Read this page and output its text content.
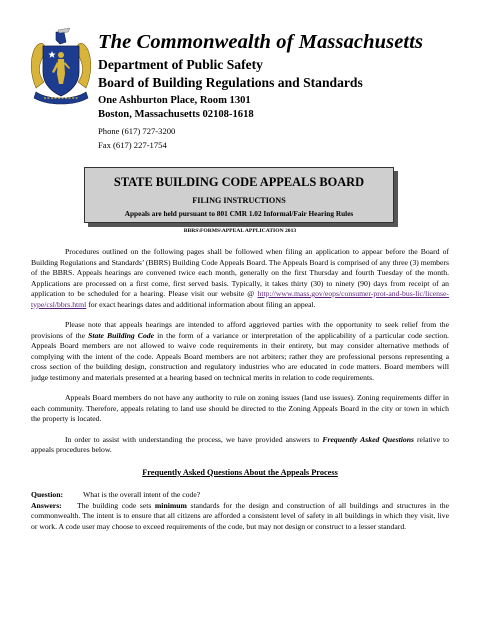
The Commonwealth of Massachusetts
Department of Public Safety
Board of Building Regulations and Standards
One Ashburton Place, Room 1301
Boston, Massachusetts 02108-1618
Phone (617) 727-3200
Fax (617) 227-1754
STATE BUILDING CODE APPEALS BOARD
FILING INSTRUCTIONS
Appeals are held pursuant to 801 CMR 1.02 Informal/Fair Hearing Rules
BBRS\FORMS\APPEAL APPLICATION 2013

Procedures outlined on the following pages shall be followed when filing an application to appear before the Board of Building Regulations and Standards’ (BBRS) Building Code Appeals Board. The Appeals Board is comprised of any three (3) members of the BBRS. Appeals hearings are convened twice each month, generally on the first Thursday and fourth Tuesday of the month. Applications are processed on a first come, first served basis. Typically, it takes thirty (30) to ninety (90) days from receipt of an application to be scheduled for a hearing. Please visit our website @ http://www.mass.gov/eops/consumer-prot-and-bus-lic/license-type/csl/bbrs.html for exact hearings dates and additional information about filing an appeal.

Please note that appeals hearings are intended to afford aggrieved parties with the opportunity to seek relief from the provisions of the State Building Code in the form of a variance or interpretation of the applicability of a particular code section. Appeals Board members are not allowed to waive code requirements in their entirety, but may consider alternative methods of complying with the intent of the code. Appeals Board members are not arbiters; rather they are professional persons representing a cross section of the building design, construction and regulatory industries who are educated in code matters. Board members will judge testimony and materials presented at a hearing based on technical merits in relation to code requirements.

Appeals Board members do not have any authority to rule on zoning issues (land use issues). Zoning requirements differ in each community. Therefore, appeals relating to land use should be directed to the Zoning Appeals Board in the city or town in which the property is located.

In order to assist with understanding the process, we have provided answers to Frequently Asked Questions relative to appeals procedures below.

Frequently Asked Questions About the Appeals Process

Question:	What is the overall intent of the code?

Answers: The building code sets minimum standards for the design and construction of all buildings and structures in the commonwealth. The intent is to ensure that all citizens are afforded a consistent level of safety in all buildings in which they visit, live or work. A code user may choose to exceed requirements of the code, but may not design or construct to a lesser standard.
